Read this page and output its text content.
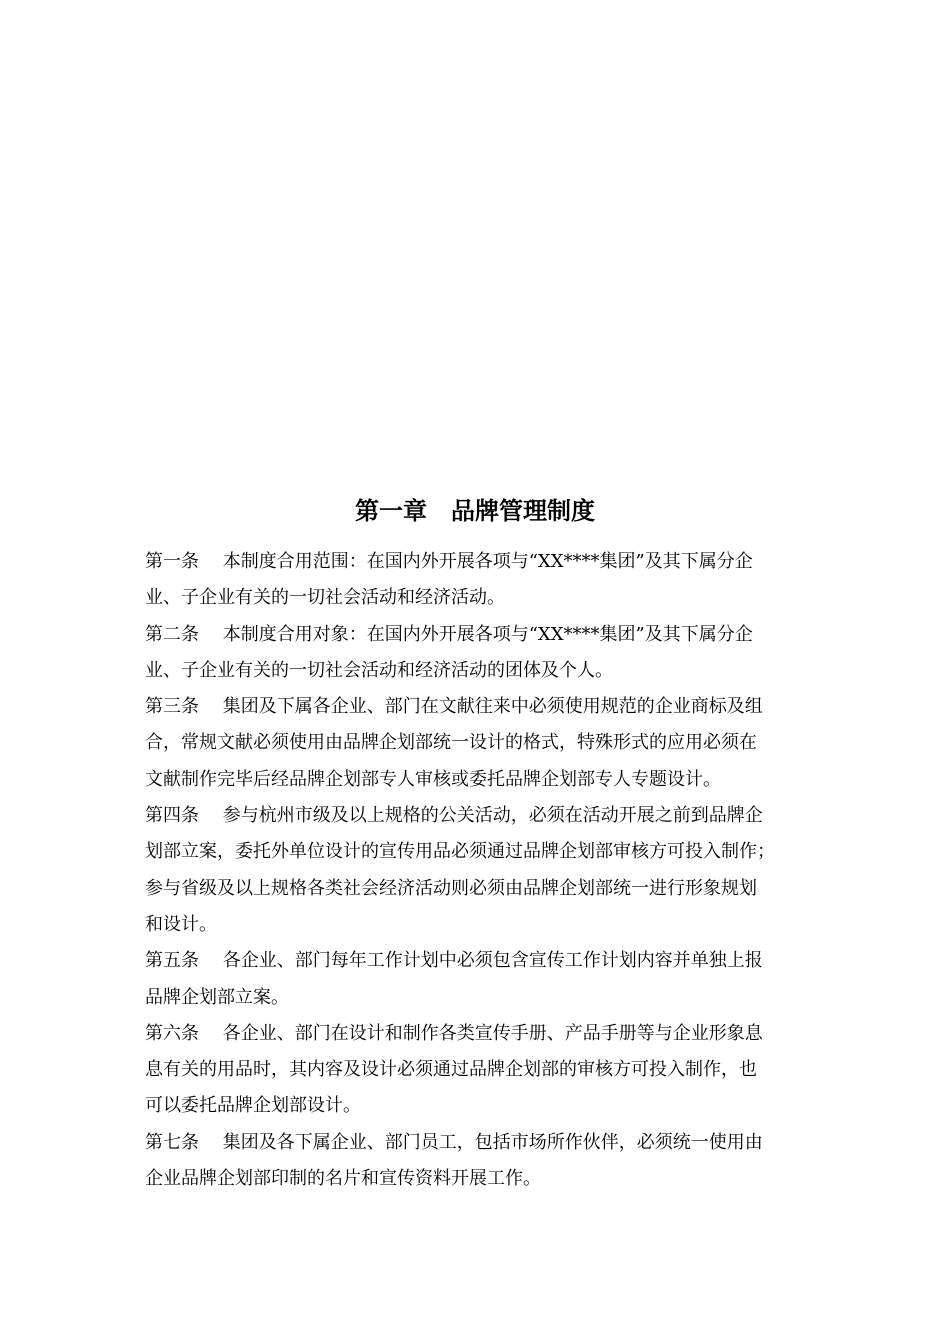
第一章　品牌管理制度
第一条　 本制度合用范围：在国内外开展各项与“XX****集团”及其下属分企
业、子企业有关的一切社会活动和经济活动。
第二条　 本制度合用对象：在国内外开展各项与“XX****集团”及其下属分企
业、子企业有关的一切社会活动和经济活动的团体及个人。
第三条　 集团及下属各企业、部门在文献往来中必须使用规范的企业商标及组
合，常规文献必须使用由品牌企划部统一设计的格式，特殊形式的应用必须在
文献制作完毕后经品牌企划部专人审核或委托品牌企划部专人专题设计。
第四条　 参与杭州市级及以上规格的公关活动，必须在活动开展之前到品牌企
划部立案，委托外单位设计的宣传用品必须通过品牌企划部审核方可投入制作；
参与省级及以上规格各类社会经济活动则必须由品牌企划部统一进行形象规划
和设计。
第五条　 各企业、部门每年工作计划中必须包含宣传工作计划内容并单独上报
品牌企划部立案。
第六条　 各企业、部门在设计和制作各类宣传手册、产品手册等与企业形象息
息有关的用品时，其内容及设计必须通过品牌企划部的审核方可投入制作，也
可以委托品牌企划部设计。
第七条　 集团及各下属企业、部门员工，包括市场所作伙伴，必须统一使用由
企业品牌企划部印制的名片和宣传资料开展工作。
